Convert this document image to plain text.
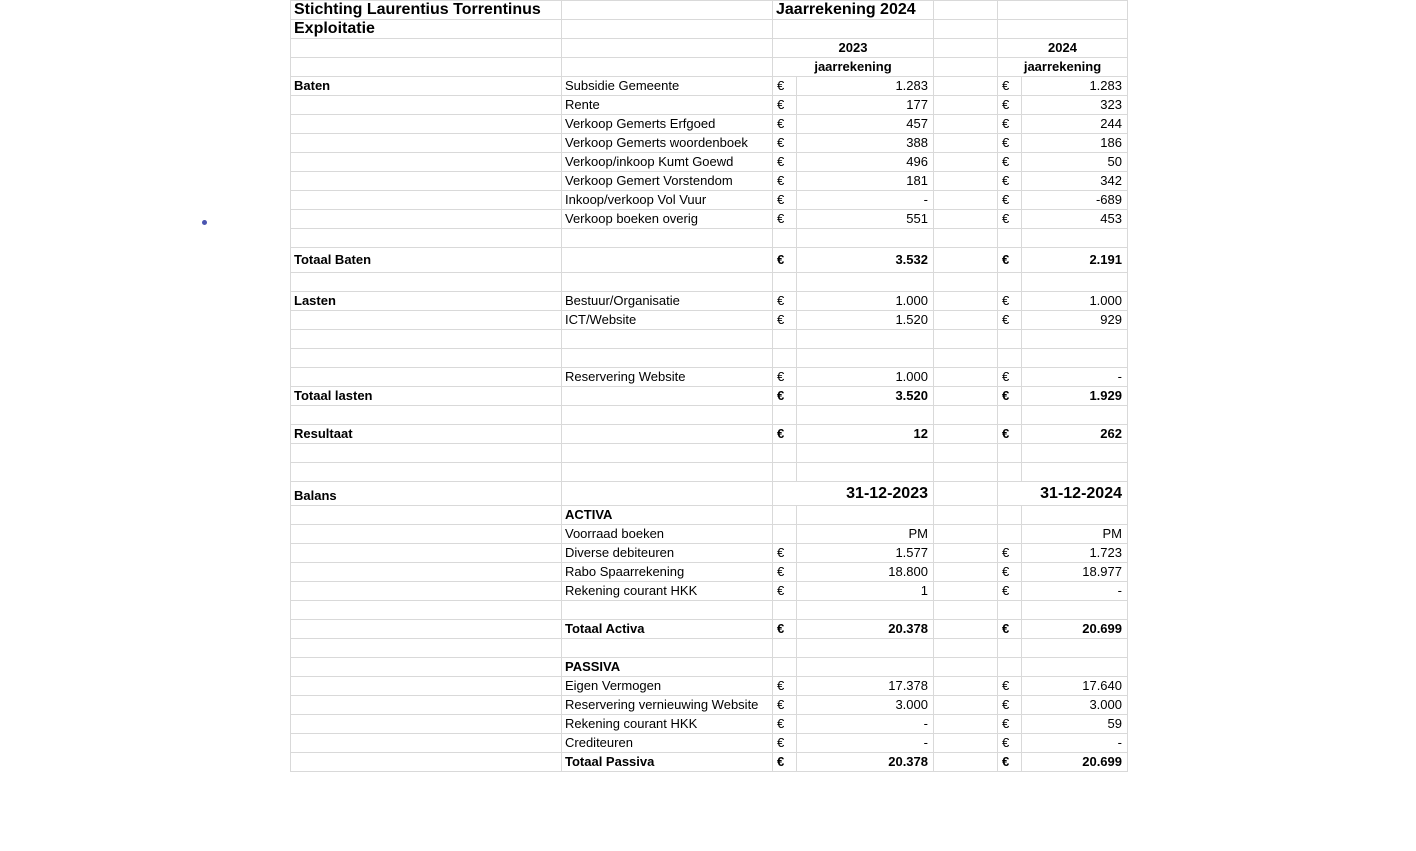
Stichting Laurentius Torrentinus		Jaarrekening 2024				
Exploitatie						
		2023			2024	
		jaarrekening			jaarrekening	
Baten	Subsidie Gemeente	€	1.283		€	1.283
	Rente	€	177		€	323
	Verkoop Gemerts Erfgoed	€	457		€	244
	Verkoop Gemerts woordenboek	€	388		€	186
	Verkoop/inkoop Kumt Goewd	€	496		€	50
	Verkoop Gemert Vorstendom	€	181		€	342
	Inkoop/verkoop Vol Vuur	€	-		€	-689
	Verkoop boeken overig	€	551		€	453

Totaal Baten		€	3.532		€	2.191

Lasten	Bestuur/Organisatie	€	1.000		€	1.000
	ICT/Website	€	1.520		€	929

	Reservering Website	€	1.000		€	-
Totaal lasten		€	3.520		€	1.929

Resultaat		€	12		€	262

Balans		31-12-2023			31-12-2024	
	ACTIVA					
	Voorraad boeken		PM			PM
	Diverse debiteuren	€	1.577		€	1.723
	Rabo Spaarrekening	€	18.800		€	18.977
	Rekening courant HKK	€	1		€	-

	Totaal Activa	€	20.378		€	20.699

	PASSIVA					
	Eigen Vermogen	€	17.378		€	17.640
	Reservering vernieuwing Website	€	3.000		€	3.000
	Rekening courant HKK	€	-		€	59
	Crediteuren	€	-		€	-
	Totaal Passiva	€	20.378		€	20.699
